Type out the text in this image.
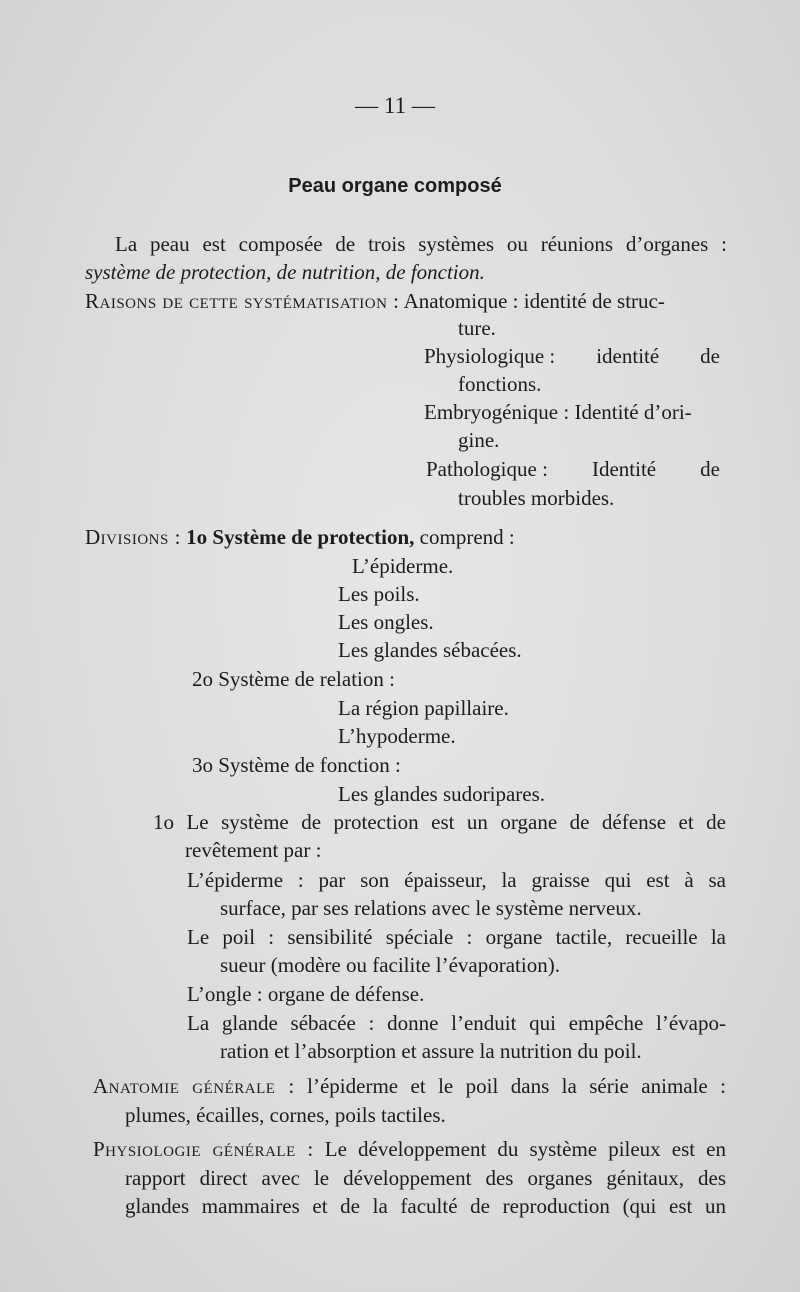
— 11 —
Peau organe composé
La peau est composée de trois systèmes ou réunions d’organes :
système de protection, de nutrition, de fonction.
Raisons de cette systématisation : Anatomique : identité de struc-
ture.
Physiologique : identité de
fonctions.
Embryogénique : Identité d’ori-
gine.
Pathologique : Identité de
troubles morbides.
Divisions : 1o Système de protection, comprend :
L’épiderme.
Les poils.
Les ongles.
Les glandes sébacées.
2o Système de relation :
La région papillaire.
L’hypoderme.
3o Système de fonction :
Les glandes sudoripares.
1o Le système de protection est un organe de défense et de
revêtement par :
L’épiderme : par son épaisseur, la graisse qui est à sa
surface, par ses relations avec le système nerveux.
Le poil : sensibilité spéciale : organe tactile, recueille la
sueur (modère ou facilite l’évaporation).
L’ongle : organe de défense.
La glande sébacée : donne l’enduit qui empêche l’évapo-
ration et l’absorption et assure la nutrition du poil.
Anatomie générale : l’épiderme et le poil dans la série animale :
plumes, écailles, cornes, poils tactiles.
Physiologie générale : Le développement du système pileux est en
rapport direct avec le développement des organes génitaux, des
glandes mammaires et de la faculté de reproduction (qui est un
